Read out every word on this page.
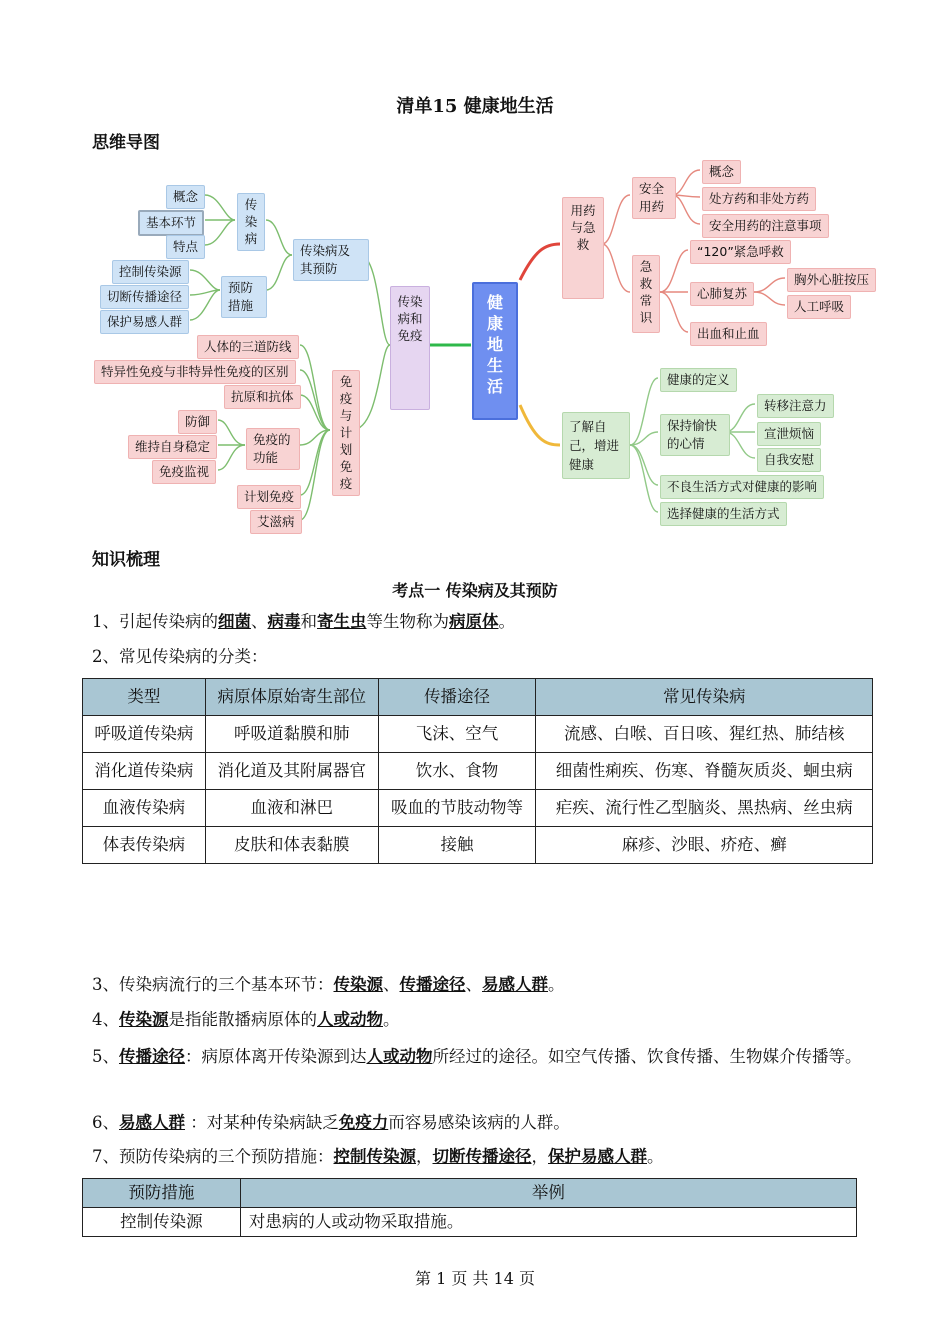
清单15 健康地生活
思维导图
健康地生活
传染病和免疫
传染病及其预防
传染病
概念
基本环节
特点
预防措施
控制传染源
切断传播途径
保护易感人群
免疫与计划免疫
人体的三道防线
特异性免疫与非特异性免疫的区别
抗原和抗体
免疫的功能
防御
维持自身稳定
免疫监视
计划免疫
艾滋病
用药与急救
安全用药
概念
处方药和非处方药
安全用药的注意事项
急救常识
“120”紧急呼救
心肺复苏
胸外心脏按压
人工呼吸
出血和止血
了解自己，增进健康
健康的定义
保持愉快的心情
转移注意力
宣泄烦恼
自我安慰
不良生活方式对健康的影响
选择健康的生活方式
知识梳理
考点一 传染病及其预防
1、引起传染病的细菌、病毒和寄生虫等生物称为病原体。
2、常见传染病的分类：
类型	病原体原始寄生部位	传播途径	常见传染病
呼吸道传染病	呼吸道黏膜和肺	飞沫、空气	流感、白喉、百日咳、猩红热、肺结核
消化道传染病	消化道及其附属器官	饮水、食物	细菌性痢疾、伤寒、脊髓灰质炎、蛔虫病
血液传染病	血液和淋巴	吸血的节肢动物等	疟疾、流行性乙型脑炎、黑热病、丝虫病
体表传染病	皮肤和体表黏膜	接触	麻疹、沙眼、疥疮、癣
3、传染病流行的三个基本环节：传染源、传播途径、易感人群。
4、传染源是指能散播病原体的人或动物。
5、传播途径：病原体离开传染源到达人或动物所经过的途径。如空气传播、饮食传播、生物媒介传播等。
6、易感人群 ：对某种传染病缺乏免疫力而容易感染该病的人群。
7、预防传染病的三个预防措施：控制传染源，切断传播途径，保护易感人群。
预防措施	举例
控制传染源	对患病的人或动物采取措施。
第 1 页 共 14 页
